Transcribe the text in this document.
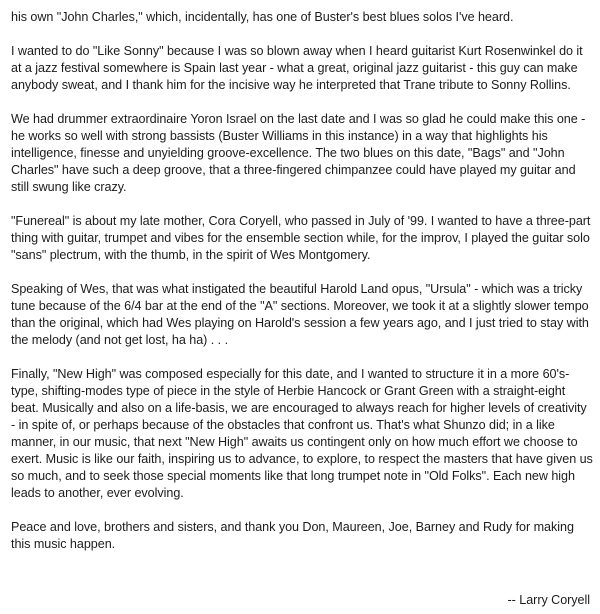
his own "John Charles," which, incidentally, has one of Buster's best blues solos I've heard.

I wanted to do "Like Sonny" because I was so blown away when I heard guitarist Kurt Rosenwinkel do it at a jazz festival somewhere is Spain last year - what a great, original jazz guitarist - this guy can make anybody sweat, and I thank him for the incisive way he interpreted that Trane tribute to Sonny Rollins.

We had drummer extraordinaire Yoron Israel on the last date and I was so glad he could make this one - he works so well with strong bassists (Buster Williams in this instance) in a way that highlights his intelligence, finesse and unyielding groove-excellence. The two blues on this date, "Bags" and "John Charles" have such a deep groove, that a three-fingered chimpanzee could have played my guitar and still swung like crazy.

"Funereal" is about my late mother, Cora Coryell, who passed in July of '99. I wanted to have a three-part thing with guitar, trumpet and vibes for the ensemble section while, for the improv, I played the guitar solo "sans" plectrum, with the thumb, in the spirit of Wes Montgomery.

Speaking of Wes, that was what instigated the beautiful Harold Land opus, "Ursula" - which was a tricky tune because of the 6/4 bar at the end of the "A" sections. Moreover, we took it at a slightly slower tempo than the original, which had Wes playing on Harold's session a few years ago, and I just tried to stay with the melody (and not get lost, ha ha) . . .

Finally, "New High" was composed especially for this date, and I wanted to structure it in a more 60's-type, shifting-modes type of piece in the style of Herbie Hancock or Grant Green with a straight-eight beat. Musically and also on a life-basis, we are encouraged to always reach for higher levels of creativity - in spite of, or perhaps because of the obstacles that confront us. That's what Shunzo did; in a like manner, in our music, that next "New High" awaits us contingent only on how much effort we choose to exert. Music is like our faith, inspiring us to advance, to explore, to respect the masters that have given us so much, and to seek those special moments like that long trumpet note in "Old Folks". Each new high leads to another, ever evolving.

Peace and love, brothers and sisters, and thank you Don, Maureen, Joe, Barney and Rudy for making this music happen.

-- Larry Coryell
